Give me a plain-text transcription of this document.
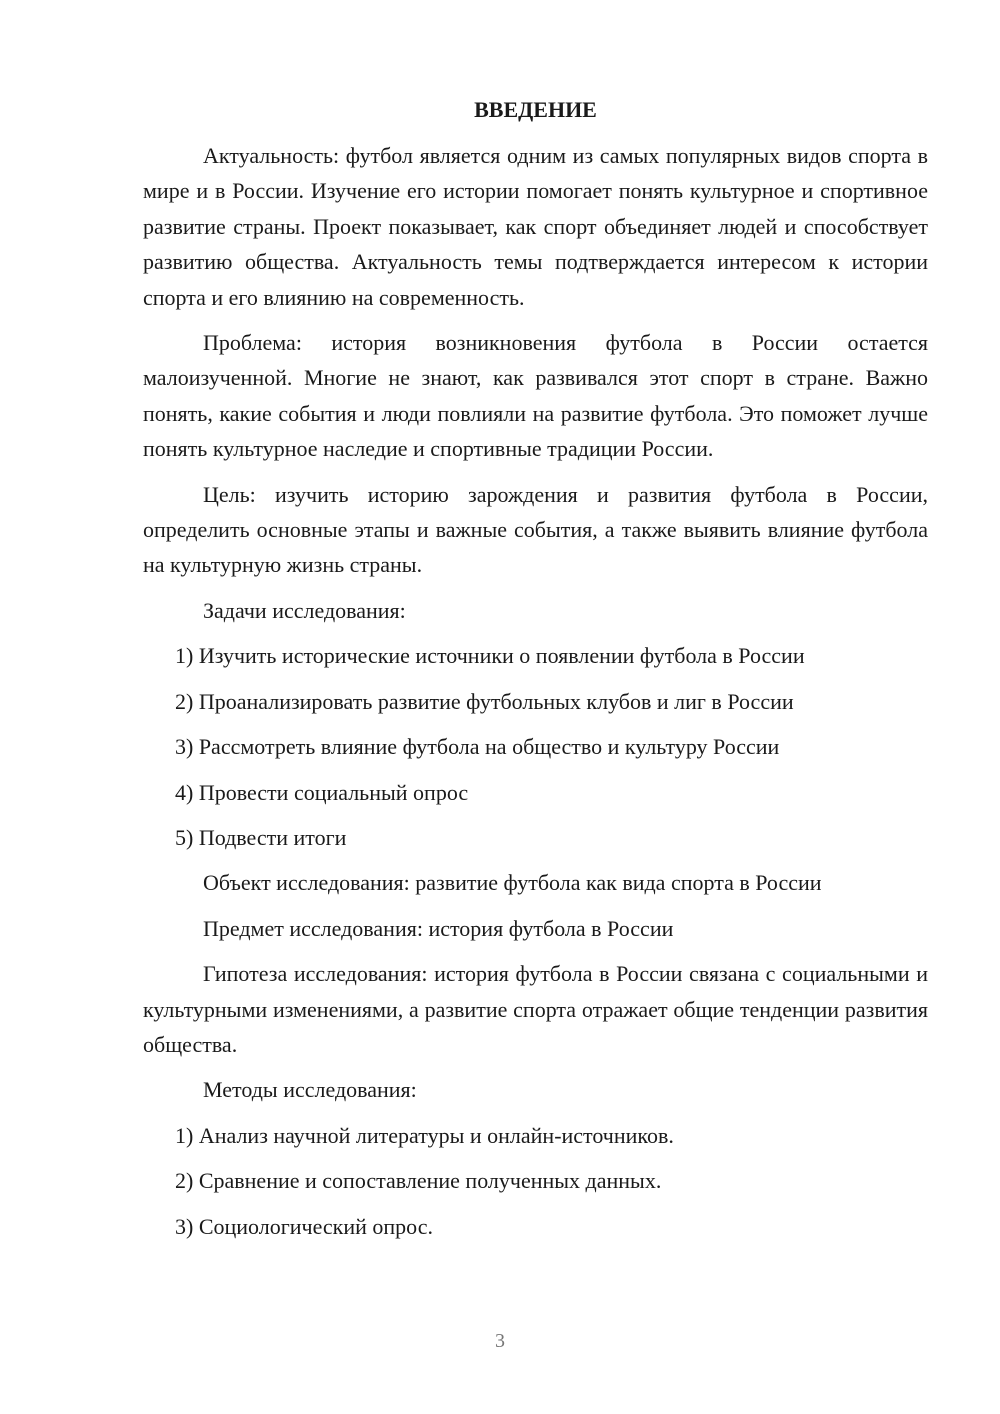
ВВЕДЕНИЕ

Актуальность: футбол является одним из самых популярных видов спорта в мире и в России. Изучение его истории помогает понять культурное и спортивное развитие страны. Проект показывает, как спорт объединяет людей и способствует развитию общества. Актуальность темы подтверждается интересом к истории спорта и его влиянию на современность.

Проблема: история возникновения футбола в России остается малоизученной. Многие не знают, как развивался этот спорт в стране. Важно понять, какие события и люди повлияли на развитие футбола. Это поможет лучше понять культурное наследие и спортивные традиции России.

Цель: изучить историю зарождения и развития футбола в России, определить основные этапы и важные события, а также выявить влияние футбола на культурную жизнь страны.

Задачи исследования:
1) Изучить исторические источники о появлении футбола в России
2) Проанализировать развитие футбольных клубов и лиг в России
3) Рассмотреть влияние футбола на общество и культуру России
4) Провести социальный опрос
5) Подвести итоги
Объект исследования: развитие футбола как вида спорта в России
Предмет исследования: история футбола в России

Гипотеза исследования: история футбола в России связана с социальными и культурными изменениями, а развитие спорта отражает общие тенденции развития общества.

Методы исследования:
1) Анализ научной литературы и онлайн-источников.
2) Сравнение и сопоставление полученных данных.
3) Социологический опрос.
3
